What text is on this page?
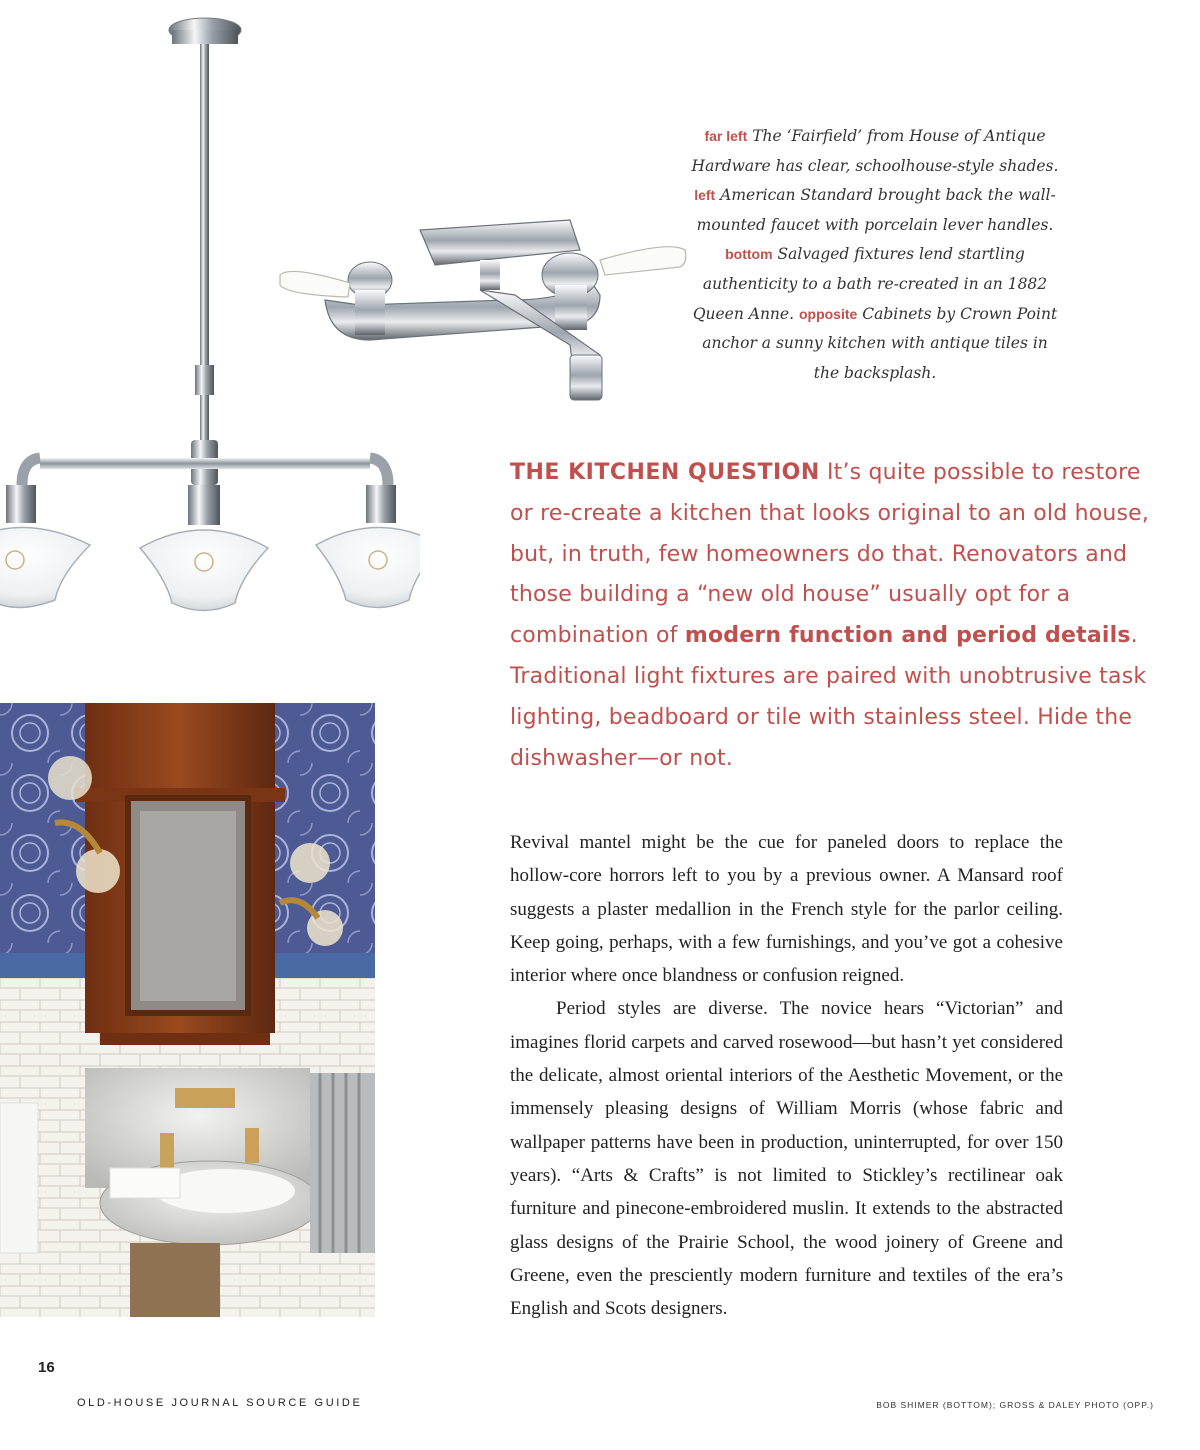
far left The ‘Fairfield’ from House of Antique Hardware has clear, schoolhouse-style shades. left American Standard brought back the wall-mounted faucet with porcelain lever handles. bottom Salvaged fixtures lend startling authenticity to a bath re-created in an 1882 Queen Anne. opposite Cabinets by Crown Point anchor a sunny kitchen with antique tiles in the backsplash.
THE KITCHEN QUESTION It’s quite possible to restore or re-create a kitchen that looks original to an old house, but, in truth, few homeowners do that. Renovators and those building a “new old house” usually opt for a combination of modern function and period details. Traditional light fixtures are paired with unobtrusive task lighting, beadboard or tile with stainless steel. Hide the dishwasher—or not.

Revival mantel might be the cue for paneled doors to replace the hollow-core horrors left to you by a previous owner. A Mansard roof suggests a plaster medallion in the French style for the parlor ceiling. Keep going, perhaps, with a few furnishings, and you’ve got a cohesive interior where once blandness or confusion reigned.

Period styles are diverse. The novice hears “Victorian” and imagines florid carpets and carved rosewood—but hasn’t yet considered the delicate, almost oriental interiors of the Aesthetic Movement, or the immensely pleasing designs of William Morris (whose fabric and wallpaper patterns have been in production, uninterrupted, for over 150 years). “Arts & Crafts” is not limited to Stickley’s rectilinear oak furniture and pinecone-embroidered muslin. It extends to the abstracted glass designs of the Prairie School, the wood joinery of Greene and Greene, even the presciently modern furniture and textiles of the era’s English and Scots designers.

16
OLD-HOUSE JOURNAL SOURCE GUIDE	BOB SHIMER (BOTTOM); GROSS & DALEY PHOTO (OPP.)
